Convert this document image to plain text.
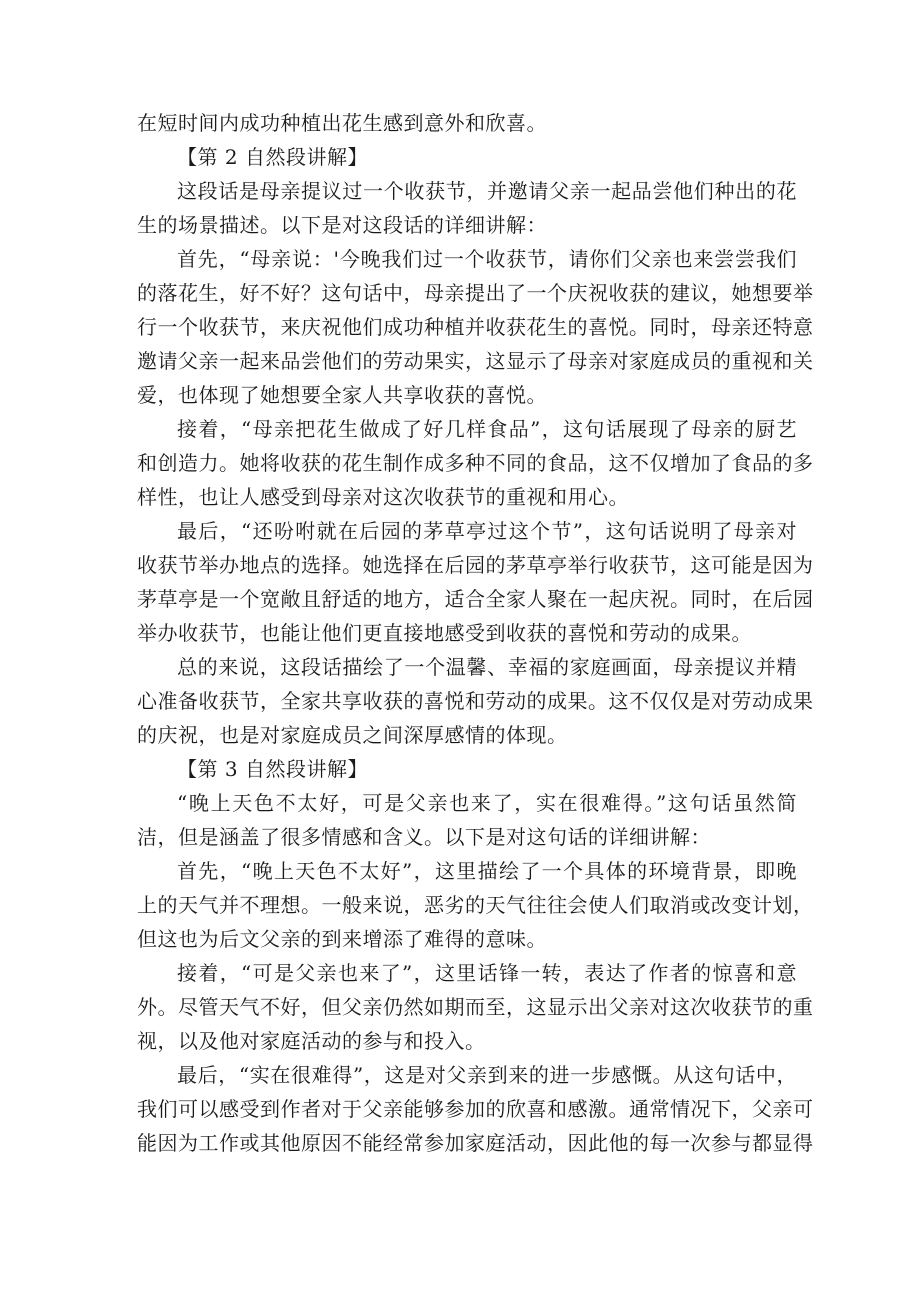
在短时间内成功种植出花生感到意外和欣喜。
【第 2 自然段讲解】
这段话是母亲提议过一个收获节，并邀请父亲一起品尝他们种出的花
生的场景描述。以下是对这段话的详细讲解：
首先，“母亲说：'今晚我们过一个收获节，请你们父亲也来尝尝我们
的落花生，好不好？这句话中，母亲提出了一个庆祝收获的建议，她想要举
行一个收获节，来庆祝他们成功种植并收获花生的喜悦。同时，母亲还特意
邀请父亲一起来品尝他们的劳动果实，这显示了母亲对家庭成员的重视和关
爱，也体现了她想要全家人共享收获的喜悦。
接着，“母亲把花生做成了好几样食品”，这句话展现了母亲的厨艺
和创造力。她将收获的花生制作成多种不同的食品，这不仅增加了食品的多
样性，也让人感受到母亲对这次收获节的重视和用心。
最后，“还吩咐就在后园的茅草亭过这个节”，这句话说明了母亲对
收获节举办地点的选择。她选择在后园的茅草亭举行收获节，这可能是因为
茅草亭是一个宽敞且舒适的地方，适合全家人聚在一起庆祝。同时，在后园
举办收获节，也能让他们更直接地感受到收获的喜悦和劳动的成果。
总的来说，这段话描绘了一个温馨、幸福的家庭画面，母亲提议并精
心准备收获节，全家共享收获的喜悦和劳动的成果。这不仅仅是对劳动成果
的庆祝，也是对家庭成员之间深厚感情的体现。
【第 3 自然段讲解】
“晚上天色不太好，可是父亲也来了，实在很难得。”这句话虽然简
洁，但是涵盖了很多情感和含义。以下是对这句话的详细讲解：
首先，“晚上天色不太好”，这里描绘了一个具体的环境背景，即晚
上的天气并不理想。一般来说，恶劣的天气往往会使人们取消或改变计划，
但这也为后文父亲的到来增添了难得的意味。
接着，“可是父亲也来了”，这里话锋一转，表达了作者的惊喜和意
外。尽管天气不好，但父亲仍然如期而至，这显示出父亲对这次收获节的重
视，以及他对家庭活动的参与和投入。
最后，“实在很难得”，这是对父亲到来的进一步感慨。从这句话中，
我们可以感受到作者对于父亲能够参加的欣喜和感激。通常情况下，父亲可
能因为工作或其他原因不能经常参加家庭活动，因此他的每一次参与都显得
